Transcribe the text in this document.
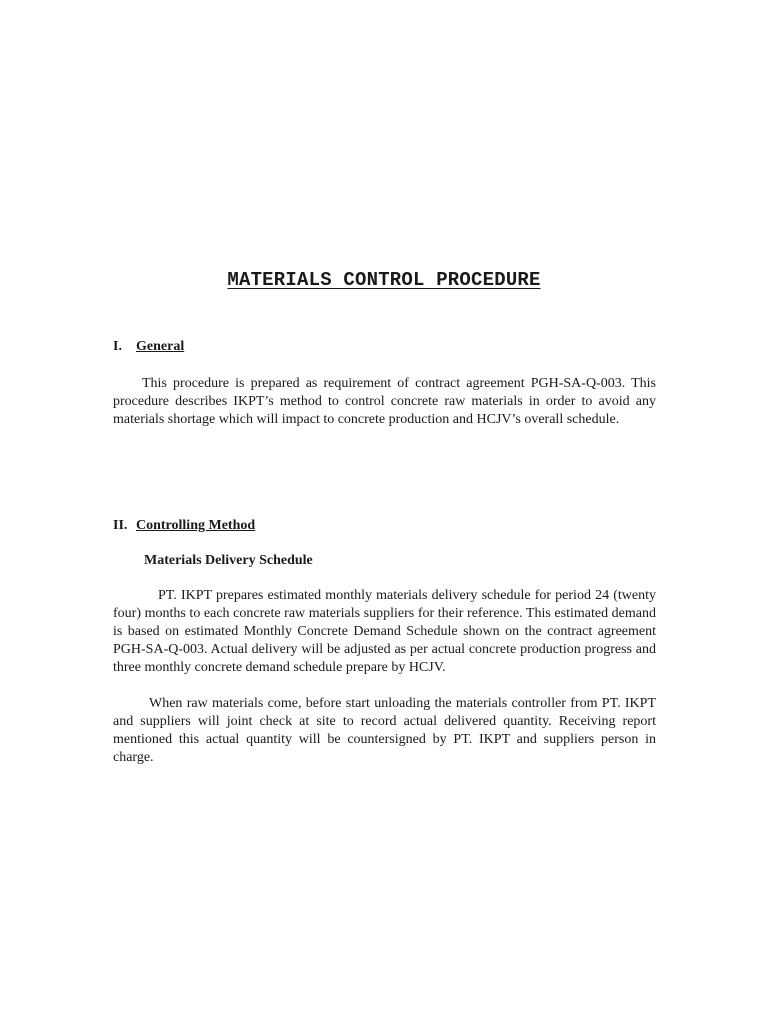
MATERIALS CONTROL PROCEDURE
I. General

This procedure is prepared as requirement of contract agreement PGH-SA-Q-003. This procedure describes IKPT’s method to control concrete raw materials in order to avoid any materials shortage which will impact to concrete production and HCJV’s overall schedule.

II. Controlling Method
Materials Delivery Schedule

PT. IKPT prepares estimated monthly materials delivery schedule for period 24 (twenty four) months to each concrete raw materials suppliers for their reference. This estimated demand is based on estimated Monthly Concrete Demand Schedule shown on the contract agreement PGH-SA-Q-003. Actual delivery will be adjusted as per actual concrete production progress and three monthly concrete demand schedule prepare by HCJV.

When raw materials come, before start unloading the materials controller from PT. IKPT and suppliers will joint check at site to record actual delivered quantity. Receiving report mentioned this actual quantity will be countersigned by PT. IKPT and suppliers person in charge.
